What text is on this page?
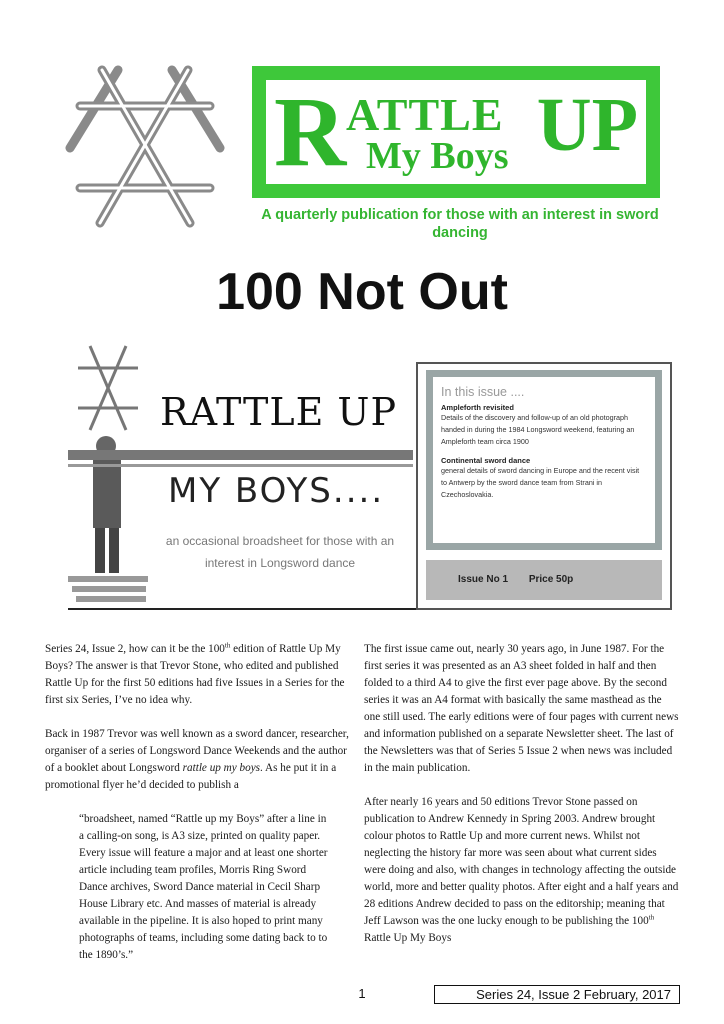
R ATTLE UP
My Boys
A quarterly publication for those with an interest in sword dancing
100 Not Out
RATTLE UP
MY BOYS....
an occasional broadsheet for those with an interest in Longsword dance
In this issue ....
Ampleforth revisited
Details of the discovery and follow-up of an old photograph handed in during the 1984 Longsword weekend, featuring an Ampleforth team circa 1900
Continental sword dance
general details of sword dancing in Europe and the recent visit to Antwerp by the sword dance team from Strani in Czechoslovakia.
Issue No 1 Price 50p

Series 24, Issue 2, how can it be the 100th edition of Rattle Up My Boys? The answer is that Trevor Stone, who edited and published Rattle Up for the first 50 editions had five Issues in a Series for the first six Series, I’ve no idea why.

Back in 1987 Trevor was well known as a sword dancer, researcher, organiser of a series of Longsword Dance Weekends and the author of a booklet about Longsword rattle up my boys. As he put it in a promotional flyer he’d decided to publish a

“broadsheet, named “Rattle up my Boys” after a line in a calling-on song, is A3 size, printed on quality paper. Every issue will feature a major and at least one shorter article including team profiles, Morris Ring Sword Dance archives, Sword Dance material in Cecil Sharp House Library etc. And masses of material is already available in the pipeline. It is also hoped to print many photographs of teams, including some dating back to to the 1890’s.”

The first issue came out, nearly 30 years ago, in June 1987. For the first series it was presented as an A3 sheet folded in half and then folded to a third A4 to give the first ever page above. By the second series it was an A4 format with basically the same masthead as the one still used. The early editions were of four pages with current news and information published on a separate Newsletter sheet. The last of the Newsletters was that of Series 5 Issue 2 when news was included in the main publication.

After nearly 16 years and 50 editions Trevor Stone passed on publication to Andrew Kennedy in Spring 2003. Andrew brought colour photos to Rattle Up and more current news. Whilst not neglecting the history far more was seen about what current sides were doing and also, with changes in technology affecting the outside world, more and better quality photos. After eight and a half years and 28 editions Andrew decided to pass on the editorship; meaning that Jeff Lawson was the one lucky enough to be publishing the 100th Rattle Up My Boys

1	Series 24, Issue 2 February, 2017
